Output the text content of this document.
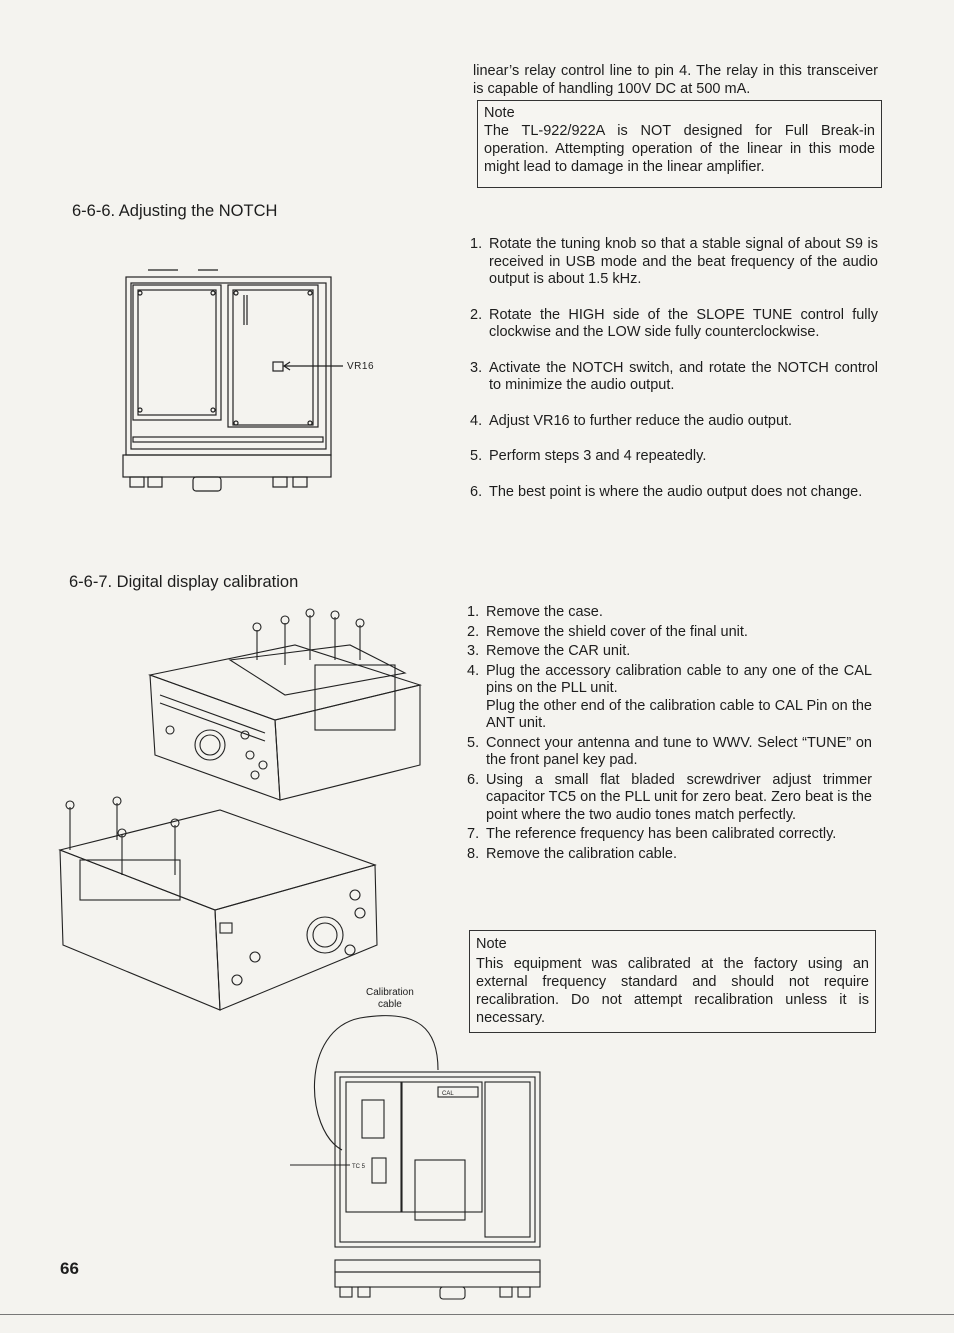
linear’s relay control line to pin 4. The relay in this transceiver is capable of handling 100V DC at 500 mA.
Note
The TL-922/922A is NOT designed for Full Break-in operation. Attempting operation of the linear in this mode might lead to damage in the linear amplifier.
6-6-6. Adjusting the NOTCH
VR16
1. Rotate the tuning knob so that a stable signal of about S9 is received in USB mode and the beat frequency of the audio output is about 1.5 kHz.
2. Rotate the HIGH side of the SLOPE TUNE control fully clockwise and the LOW side fully counterclockwise.
3. Activate the NOTCH switch, and rotate the NOTCH control to minimize the audio output.
4. Adjust VR16 to further reduce the audio output.
5. Perform steps 3 and 4 repeatedly.
6. The best point is where the audio output does not change.
6-6-7. Digital display calibration
Calibration
cable
CAL
TC 5
1. Remove the case.
2. Remove the shield cover of the final unit.
3. Remove the CAR unit.
4. Plug the accessory calibration cable to any one of the CAL pins on the PLL unit.
Plug the other end of the calibration cable to CAL Pin on the ANT unit.
5. Connect your antenna and tune to WWV. Select “TUNE” on the front panel key pad.
6. Using a small flat bladed screwdriver adjust trimmer capacitor TC5 on the PLL unit for zero beat. Zero beat is the point where the two audio tones match perfectly.
7. The reference frequency has been calibrated correctly.
8. Remove the calibration cable.
Note
This equipment was calibrated at the factory using an external frequency standard and should not require recalibration. Do not attempt recalibration unless it is necessary.
66
